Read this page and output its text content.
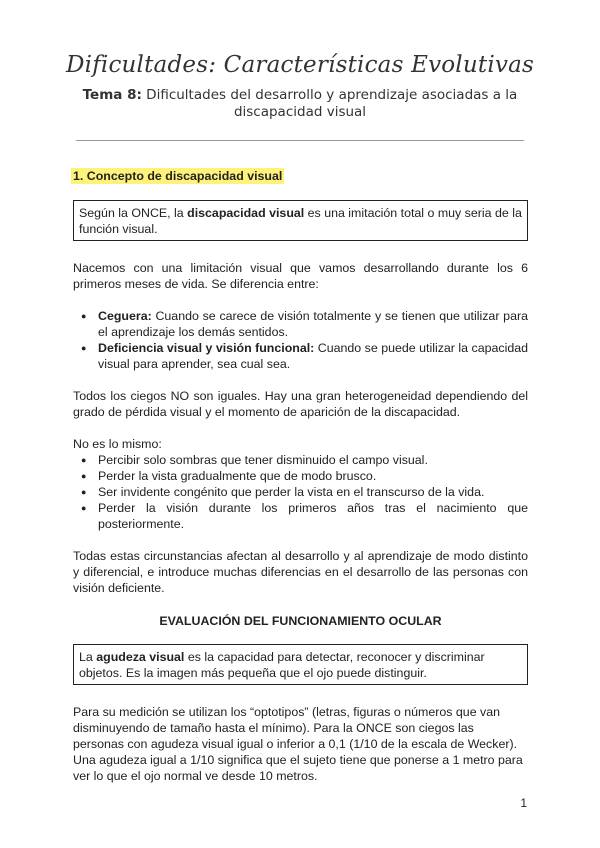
Dificultades: Características Evolutivas
Tema 8: Dificultades del desarrollo y aprendizaje asociadas a la discapacidad visual
1. Concepto de discapacidad visual
Según la ONCE, la discapacidad visual es una imitación total o muy seria de la función visual.

Nacemos con una limitación visual que vamos desarrollando durante los 6 primeros meses de vida. Se diferencia entre:

● Ceguera: Cuando se carece de visión totalmente y se tienen que utilizar para el aprendizaje los demás sentidos.
● Deficiencia visual y visión funcional: Cuando se puede utilizar la capacidad visual para aprender, sea cual sea.

Todos los ciegos NO son iguales. Hay una gran heterogeneidad dependiendo del grado de pérdida visual y el momento de aparición de la discapacidad.

No es lo mismo:

● Percibir solo sombras que tener disminuido el campo visual.
● Perder la vista gradualmente que de modo brusco.
● Ser invidente congénito que perder la vista en el transcurso de la vida.
● Perder la visión durante los primeros años tras el nacimiento que posteriormente.

Todas estas circunstancias afectan al desarrollo y al aprendizaje de modo distinto y diferencial, e introduce muchas diferencias en el desarrollo de las personas con visión deficiente.

EVALUACIÓN DEL FUNCIONAMIENTO OCULAR
La agudeza visual es la capacidad para detectar, reconocer y discriminar objetos. Es la imagen más pequeña que el ojo puede distinguir.

Para su medición se utilizan los “optotipos” (letras, figuras o números que van disminuyendo de tamaño hasta el mínimo). Para la ONCE son ciegos las personas con agudeza visual igual o inferior a 0,1 (1/10 de la escala de Wecker). Una agudeza igual a 1/10 significa que el sujeto tiene que ponerse a 1 metro para ver lo que el ojo normal ve desde 10 metros.

1
